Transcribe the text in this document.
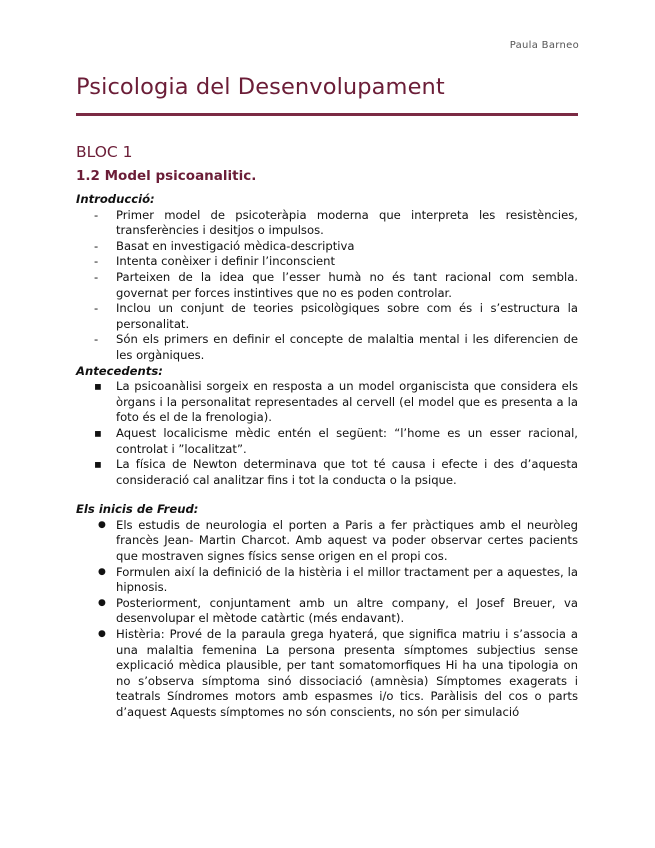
Paula Barneo
Psicologia del Desenvolupament
BLOC 1
1.2 Model psicoanalitic.

Introducció:

- Primer model de psicoteràpia moderna que interpreta les resistències, transferències i desitjos o impulsos.
- Basat en investigació mèdica-descriptiva
- Intenta conèixer i definir l’inconscient
- Parteixen de la idea que l’esser humà no és tant racional com sembla. governat per forces instintives que no es poden controlar.
- Inclou un conjunt de teories psicològiques sobre com és i s’estructura la personalitat.
- Són els primers en definir el concepte de malaltia mental i les diferencien de les orgàniques.

Antecedents:

▪ La psicoanàlisi sorgeix en resposta a un model organiscista que considera els òrgans i la personalitat representades al cervell (el model que es presenta a la foto és el de la frenologia).
▪ Aquest localicisme mèdic entén el següent: “l’home es un esser racional, controlat i ”localitzat”.
▪ La física de Newton determinava que tot té causa i efecte i des d’aquesta consideració cal analitzar fins i tot la conducta o la psique.

Els inicis de Freud:

● Els estudis de neurologia el porten a Paris a fer pràctiques amb el neuròleg francès Jean- Martin Charcot. Amb aquest va poder observar certes pacients que mostraven signes físics sense origen en el propi cos.
● Formulen així la definició de la histèria i el millor tractament per a aquestes, la hipnosis.
● Posteriorment, conjuntament amb un altre company, el Josef Breuer, va desenvolupar el mètode catàrtic (més endavant).
● Histèria: Prové de la paraula grega hyaterá, que significa matriu i s’associa a una malaltia femenina La persona presenta símptomes subjectius sense explicació mèdica plausible, per tant somatomorfiques Hi ha una tipologia on no s’observa símptoma sinó dissociació (amnèsia) Símptomes exagerats i teatrals Síndromes motors amb espasmes i/o tics. Paràlisis del cos o parts d’aquest Aquests símptomes no són conscients, no són per simulació
